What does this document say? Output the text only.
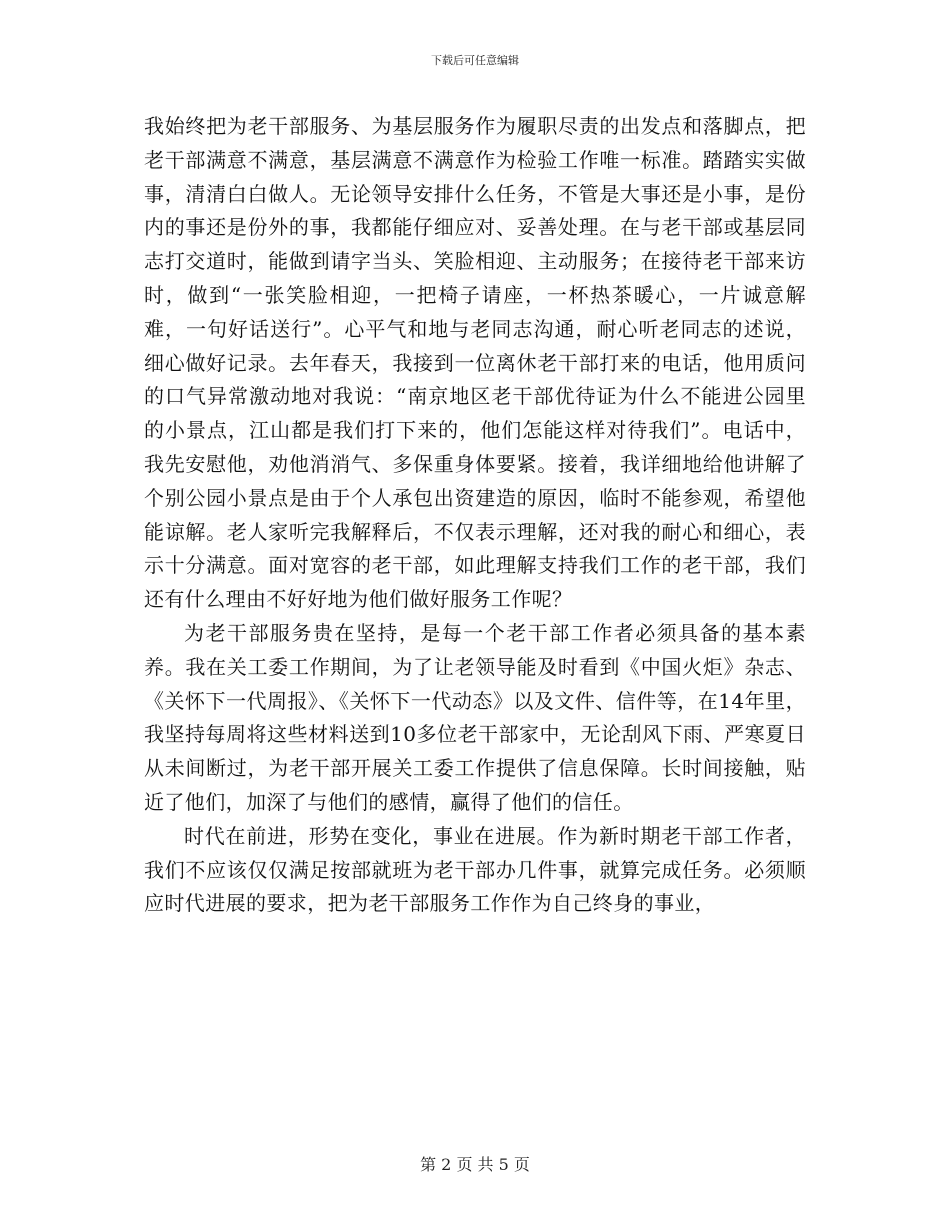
下载后可任意编辑

我始终把为老干部服务、为基层服务作为履职尽责的出发点和落脚点，把老干部满意不满意，基层满意不满意作为检验工作唯一标准。踏踏实实做事，清清白白做人。无论领导安排什么任务，不管是大事还是小事，是份内的事还是份外的事，我都能仔细应对、妥善处理。在与老干部或基层同志打交道时，能做到请字当头、笑脸相迎、主动服务；在接待老干部来访时，做到“一张笑脸相迎，一把椅子请座，一杯热茶暖心，一片诚意解难，一句好话送行”。心平气和地与老同志沟通，耐心听老同志的述说，细心做好记录。去年春天，我接到一位离休老干部打来的电话，他用质问的口气异常激动地对我说：“南京地区老干部优待证为什么不能进公园里的小景点，江山都是我们打下来的，他们怎能这样对待我们”。电话中，我先安慰他，劝他消消气、多保重身体要紧。接着，我详细地给他讲解了个别公园小景点是由于个人承包出资建造的原因，临时不能参观，希望他能谅解。老人家听完我解释后，不仅表示理解，还对我的耐心和细心，表示十分满意。面对宽容的老干部，如此理解支持我们工作的老干部，我们还有什么理由不好好地为他们做好服务工作呢？

为老干部服务贵在坚持，是每一个老干部工作者必须具备的基本素养。我在关工委工作期间，为了让老领导能及时看到《中国火炬》杂志、《关怀下一代周报》、《关怀下一代动态》以及文件、信件等，在14年里，我坚持每周将这些材料送到10多位老干部家中，无论刮风下雨、严寒夏日从未间断过，为老干部开展关工委工作提供了信息保障。长时间接触，贴近了他们，加深了与他们的感情，赢得了他们的信任。

时代在前进，形势在变化，事业在进展。作为新时期老干部工作者，我们不应该仅仅满足按部就班为老干部办几件事，就算完成任务。必须顺应时代进展的要求，把为老干部服务工作作为自己终身的事业，

第 2 页 共 5 页
